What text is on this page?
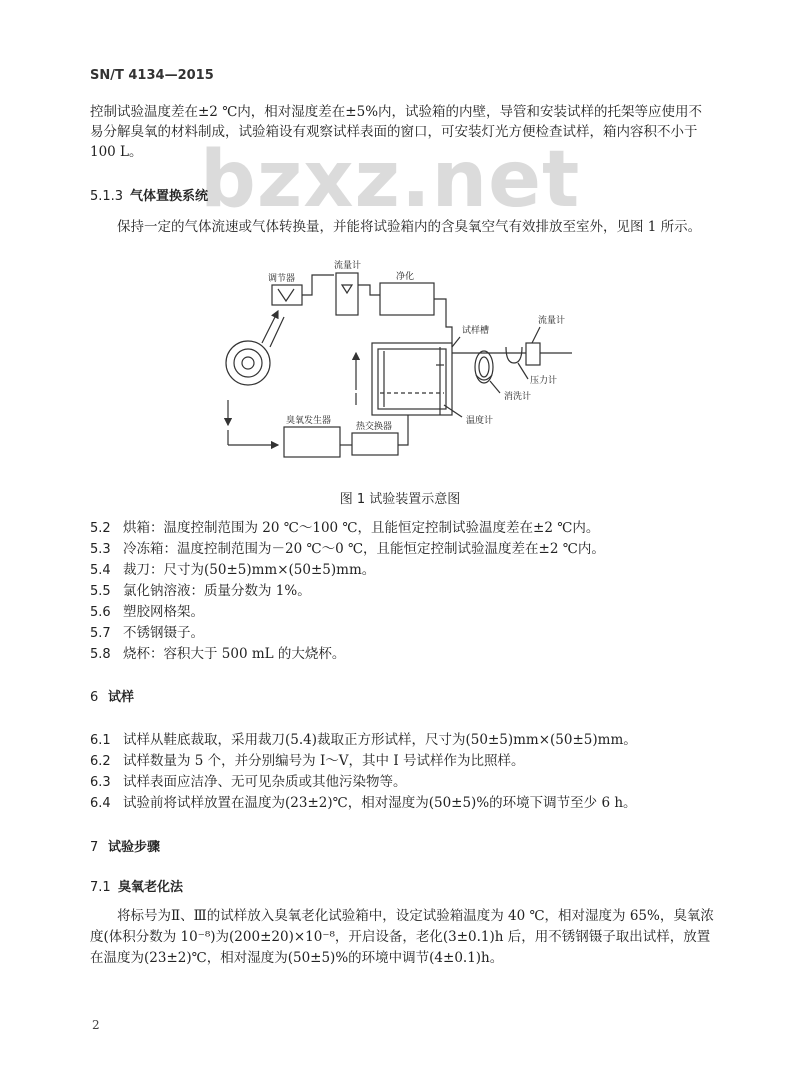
SN/T 4134—2015
bzxz.net
控制试验温度差在±2 ℃内，相对湿度差在±5%内，试验箱的内壁，导管和安装试样的托架等应使用不
易分解臭氧的材料制成，试验箱设有观察试样表面的窗口，可安装灯光方便检查试样，箱内容积不小于
100 L。
5.1.3 气体置换系统
保持一定的气体流速或气体转换量，并能将试验箱内的含臭氧空气有效排放至室外，见图 1 所示。
调节器
流量计
净化
试样槽
流量计
压力计
消洗计
温度计
臭氧发生器
热交换器
图 1 试验装置示意图
5.2 烘箱：温度控制范围为 20 ℃～100 ℃，且能恒定控制试验温度差在±2 ℃内。
5.3 冷冻箱：温度控制范围为－20 ℃～0 ℃，且能恒定控制试验温度差在±2 ℃内。
5.4 裁刀：尺寸为(50±5)mm×(50±5)mm。
5.5 氯化钠溶液：质量分数为 1%。
5.6 塑胶网格架。
5.7 不锈钢镊子。
5.8 烧杯：容积大于 500 mL 的大烧杯。
6 试样
6.1 试样从鞋底裁取，采用裁刀(5.4)裁取正方形试样，尺寸为(50±5)mm×(50±5)mm。
6.2 试样数量为 5 个，并分别编号为 Ⅰ～Ⅴ，其中 Ⅰ 号试样作为比照样。
6.3 试样表面应洁净、无可见杂质或其他污染物等。
6.4 试验前将试样放置在温度为(23±2)℃，相对湿度为(50±5)%的环境下调节至少 6 h。
7 试验步骤
7.1 臭氧老化法
将标号为Ⅱ、Ⅲ的试样放入臭氧老化试验箱中，设定试验箱温度为 40 ℃，相对湿度为 65%，臭氧浓
度(体积分数为 10⁻⁸)为(200±20)×10⁻⁸，开启设备，老化(3±0.1)h 后，用不锈钢镊子取出试样，放置
在温度为(23±2)℃，相对湿度为(50±5)%的环境中调节(4±0.1)h。
2
